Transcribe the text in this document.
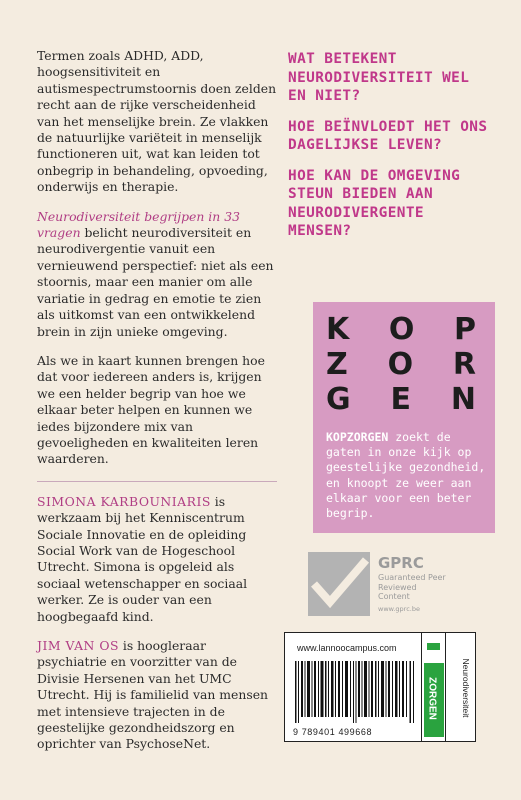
Termen zoals ADHD, ADD, hoogsensitiviteit en autismespectrumstoornis doen zelden recht aan de rijke verscheidenheid van het menselijke brein. Ze vlakken de natuurlijke variëteit in menselijk functioneren uit, wat kan leiden tot onbegrip in behandeling, opvoeding, onderwijs en therapie.

Neurodiversiteit begrijpen in 33 vragen belicht neurodiversiteit en neurodivergentie vanuit een vernieuwend perspectief: niet als een stoornis, maar een manier om alle variatie in gedrag en emotie te zien als uitkomst van een ontwikkelend brein in zijn unieke omgeving.

Als we in kaart kunnen brengen hoe dat voor iedereen anders is, krijgen we een helder begrip van hoe we elkaar beter helpen en kunnen we iedes bijzondere mix van gevoeligheden en kwaliteiten leren waarderen.

SIMONA KARBOUNIARIS is werkzaam bij het Kenniscentrum Sociale Innovatie en de opleiding Social Work van de Hogeschool Utrecht. Simona is opgeleid als sociaal wetenschapper en sociaal werker. Ze is ouder van een hoogbegaafd kind.

JIM VAN OS is hoogleraar psychiatrie en voorzitter van de Divisie Hersenen van het UMC Utrecht. Hij is familielid van mensen met intensieve trajecten in de geestelijke gezondheidszorg en oprichter van PsychoseNet.

WAT BETEKENT NEURODIVERSITEIT WEL EN NIET?
HOE BEÏNVLOEDT HET ONS DAGELIJKSE LEVEN?
HOE KAN DE OMGEVING STEUN BIEDEN AAN NEURODIVERGENTE MENSEN?
K O P
Z O R
G E N
KOPZORGEN zoekt de gaten in onze kijk op geestelijke gezondheid, en knoopt ze weer aan elkaar voor een beter begrip.
GPRC
Guaranteed Peer Reviewed Content
www.gprc.be
www.lannoocampus.com
9 789401 499668
ZORGEN	Neurodiversiteit
